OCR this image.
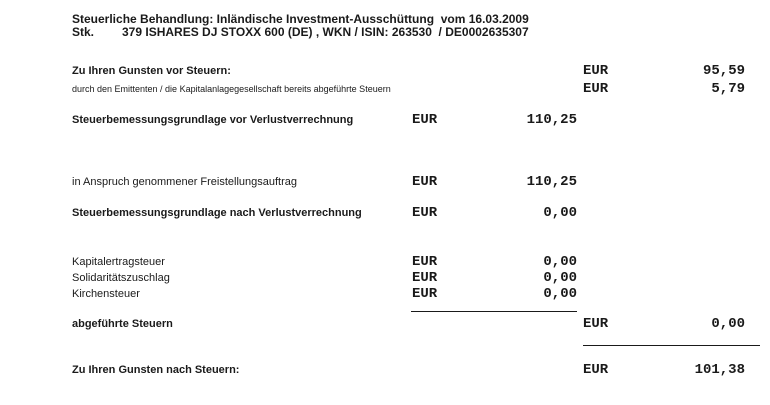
Steuerliche Behandlung: Inländische Investment-Ausschüttung  vom 16.03.2009
Stk. 379 ISHARES DJ STOXX 600 (DE) , WKN / ISIN: 263530  / DE0002635307
Zu Ihren Gunsten vor Steuern:	EUR	95,59
durch den Emittenten / die Kapitalanlagegesellschaft bereits abgeführte Steuern	EUR	5,79
Steuerbemessungsgrundlage vor Verlustverrechnung	EUR	110,25
in Anspruch genommener Freistellungsauftrag	EUR	110,25
Steuerbemessungsgrundlage nach Verlustverrechnung	EUR	0,00
Kapitalertragsteuer	EUR	0,00
Solidaritätszuschlag	EUR	0,00
Kirchensteuer	EUR	0,00
abgeführte Steuern	EUR	0,00
Zu Ihren Gunsten nach Steuern:	EUR	101,38
